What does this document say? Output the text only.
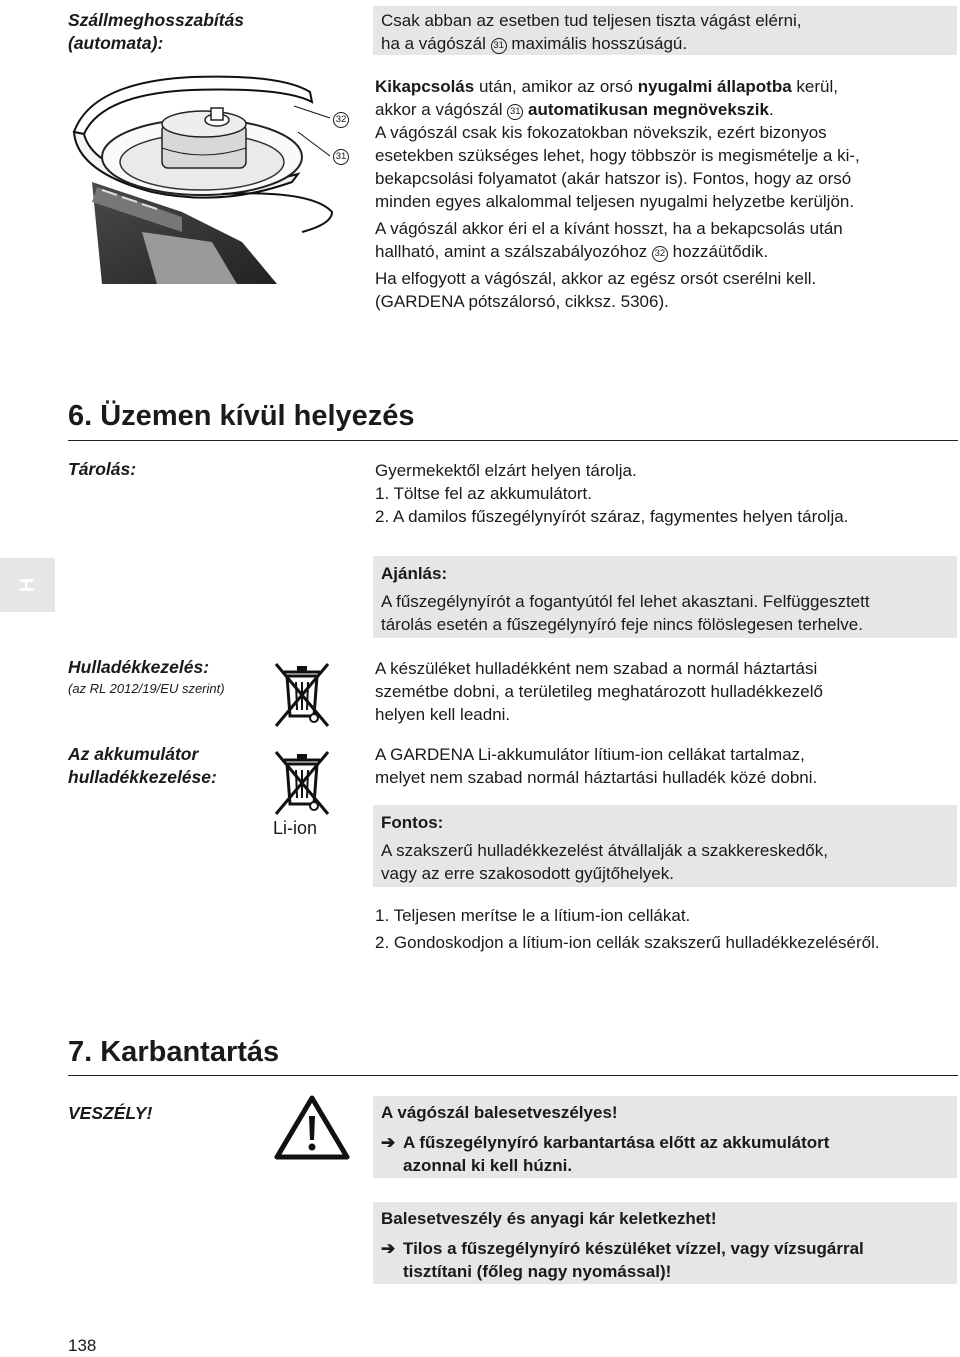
Szállmeghosszabítás

(automata):

Csak abban az esetben tud teljesen tiszta vágást elérni,

ha a vágószál 31 maximális hosszúságú.

32
31

Kikapcsolás után, amikor az orsó nyugalmi állapotba kerül,

akkor a vágószál 31 automatikusan megnövekszik.

A vágószál csak kis fokozatokban növekszik, ezért bizonyos

esetekben szükséges lehet, hogy többször is megismételje a ki-,

bekapcsolási folyamatot (akár hatszor is). Fontos, hogy az orsó

minden egyes alkalommal teljesen nyugalmi helyzetbe kerüljön.

A vágószál akkor éri el a kívánt hosszt, ha a bekapcsolás után

hallható, amint a szálszabályozóhoz 32 hozzáütődik.

Ha elfogyott a vágószál, akkor az egész orsót cserélni kell.

(GARDENA pótszálorsó, cikksz. 5306).

6. Üzemen kívül helyezés

Tárolás:	Gyermekektől elzárt helyen tárolja.

1. Töltse fel az akkumulátort.

2. A damilos fűszegélynyírót száraz, fagymentes helyen tárolja.

H

Ajánlás:

A fűszegélynyírót a fogantyútól fel lehet akasztani. Felfüggesztett

tárolás esetén a fűszegélynyíró feje nincs fölöslegesen terhelve.

Hulladékkezelés:

(az RL 2012/19/EU szerint)

A készüléket hulladékként nem szabad a normál háztartási

szemétbe dobni, a területileg meghatározott hulladékkezelő

helyen kell leadni.

Az akkumulátor

hulladékkezelése:

Li-ion

A GARDENA Li-akkumulátor lítium-ion cellákat tartalmaz,

melyet nem szabad normál háztartási hulladék közé dobni.

Fontos:

A szakszerű hulladékkezelést átvállalják a szakkereskedők,

vagy az erre szakosodott gyűjtőhelyek.

1. Teljesen merítse le a lítium-ion cellákat.

2. Gondoskodjon a lítium-ion cellák szakszerű hulladékkezeléséről.

7. Karbantartás

VESZÉLY!	A vágószál balesetveszélyes!

➔ A fűszegélynyíró karbantartása előtt az akkumulátort

azonnal ki kell húzni.

Balesetveszély és anyagi kár keletkezhet!

➔ Tilos a fűszegélynyíró készüléket vízzel, vagy vízsugárral

tisztítani (főleg nagy nyomással)!

138
